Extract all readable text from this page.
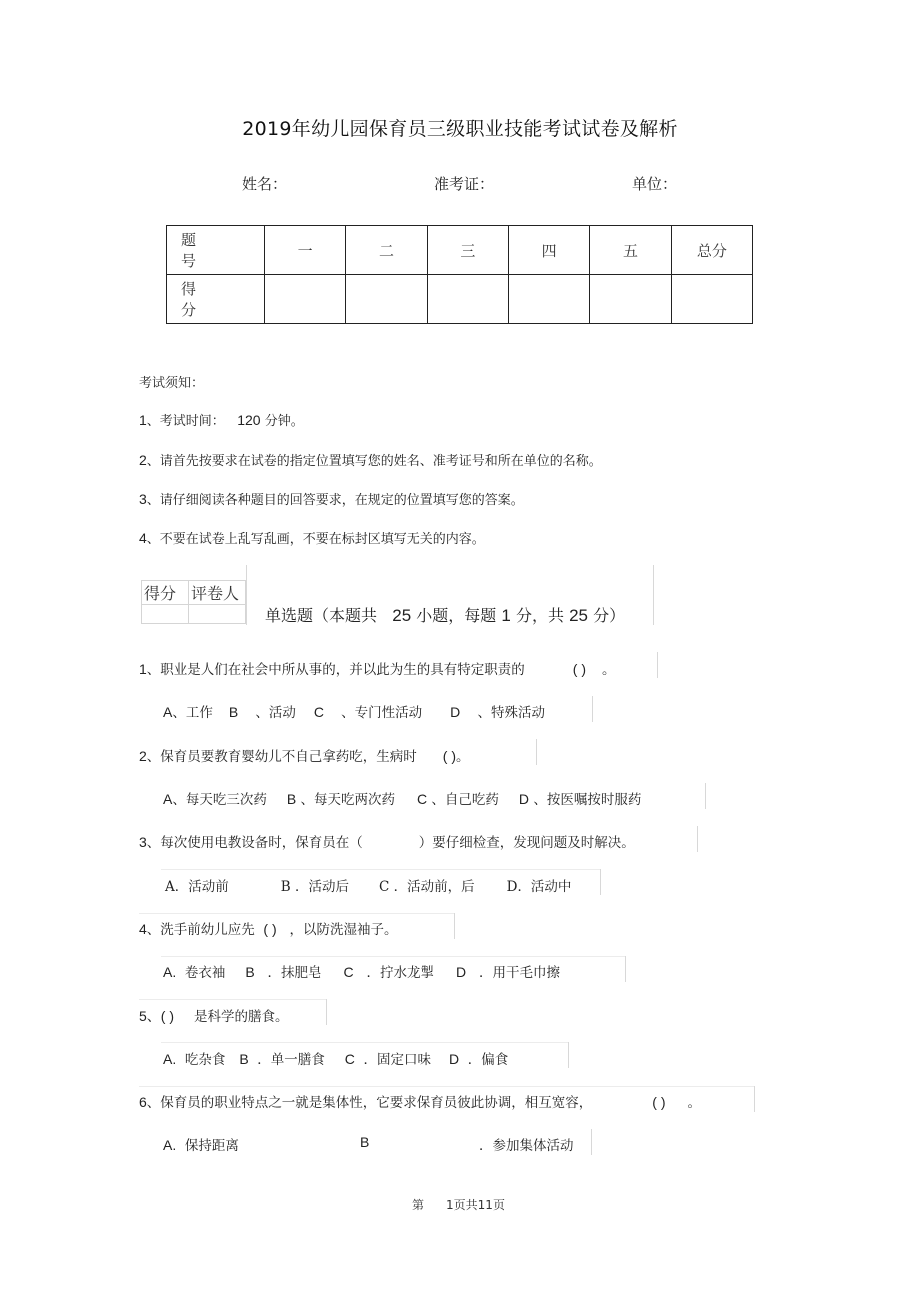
2019年幼儿园保育员三级职业技能考试试卷及解析
姓名：	准考证：	单位：
题　号	一	二	三	四	五	总分
得　分						
考试须知：
1、考试时间： 120 分钟。
2、请首先按要求在试卷的指定位置填写您的姓名、准考证号和所在单位的名称。
3、请仔细阅读各种题目的回答要求，在规定的位置填写您的答案。
4、不要在试卷上乱写乱画，不要在标封区填写无关的内容。
得分	评卷人

单选题（本题共 25 小题，每题 1 分，共 25 分）
1、职业是人们在社会中所从事的，并以此为生的具有特定职责的	( ) 。
A、工作 B 、活动 C 、专门性活动 D 、特殊活动
2、保育员要教育婴幼儿不自己拿药吃，生病时 ( )。
A、每天吃三次药 B 、每天吃两次药 C 、自己吃药 D 、按医嘱按时服药
3、每次使用电教设备时，保育员在（	）要仔细检查，发现问题及时解决。
A．活动前	B ．活动后 C ．活动前，后 D．活动中
4、洗手前幼儿应先 ( ) ，以防洗湿袖子。
A. 卷衣袖 B ．抹肥皂 C ．拧水龙掣 D ．用干毛巾擦
5、( ) 是科学的膳食。
A. 吃杂食 B ．单一膳食 C ．固定口味 D ．偏食
6、保育员的职业特点之一就是集体性，它要求保育员彼此协调，相互宽容，	( ) 。
A. 保持距离	B	．参加集体活动
第 1页共11页
